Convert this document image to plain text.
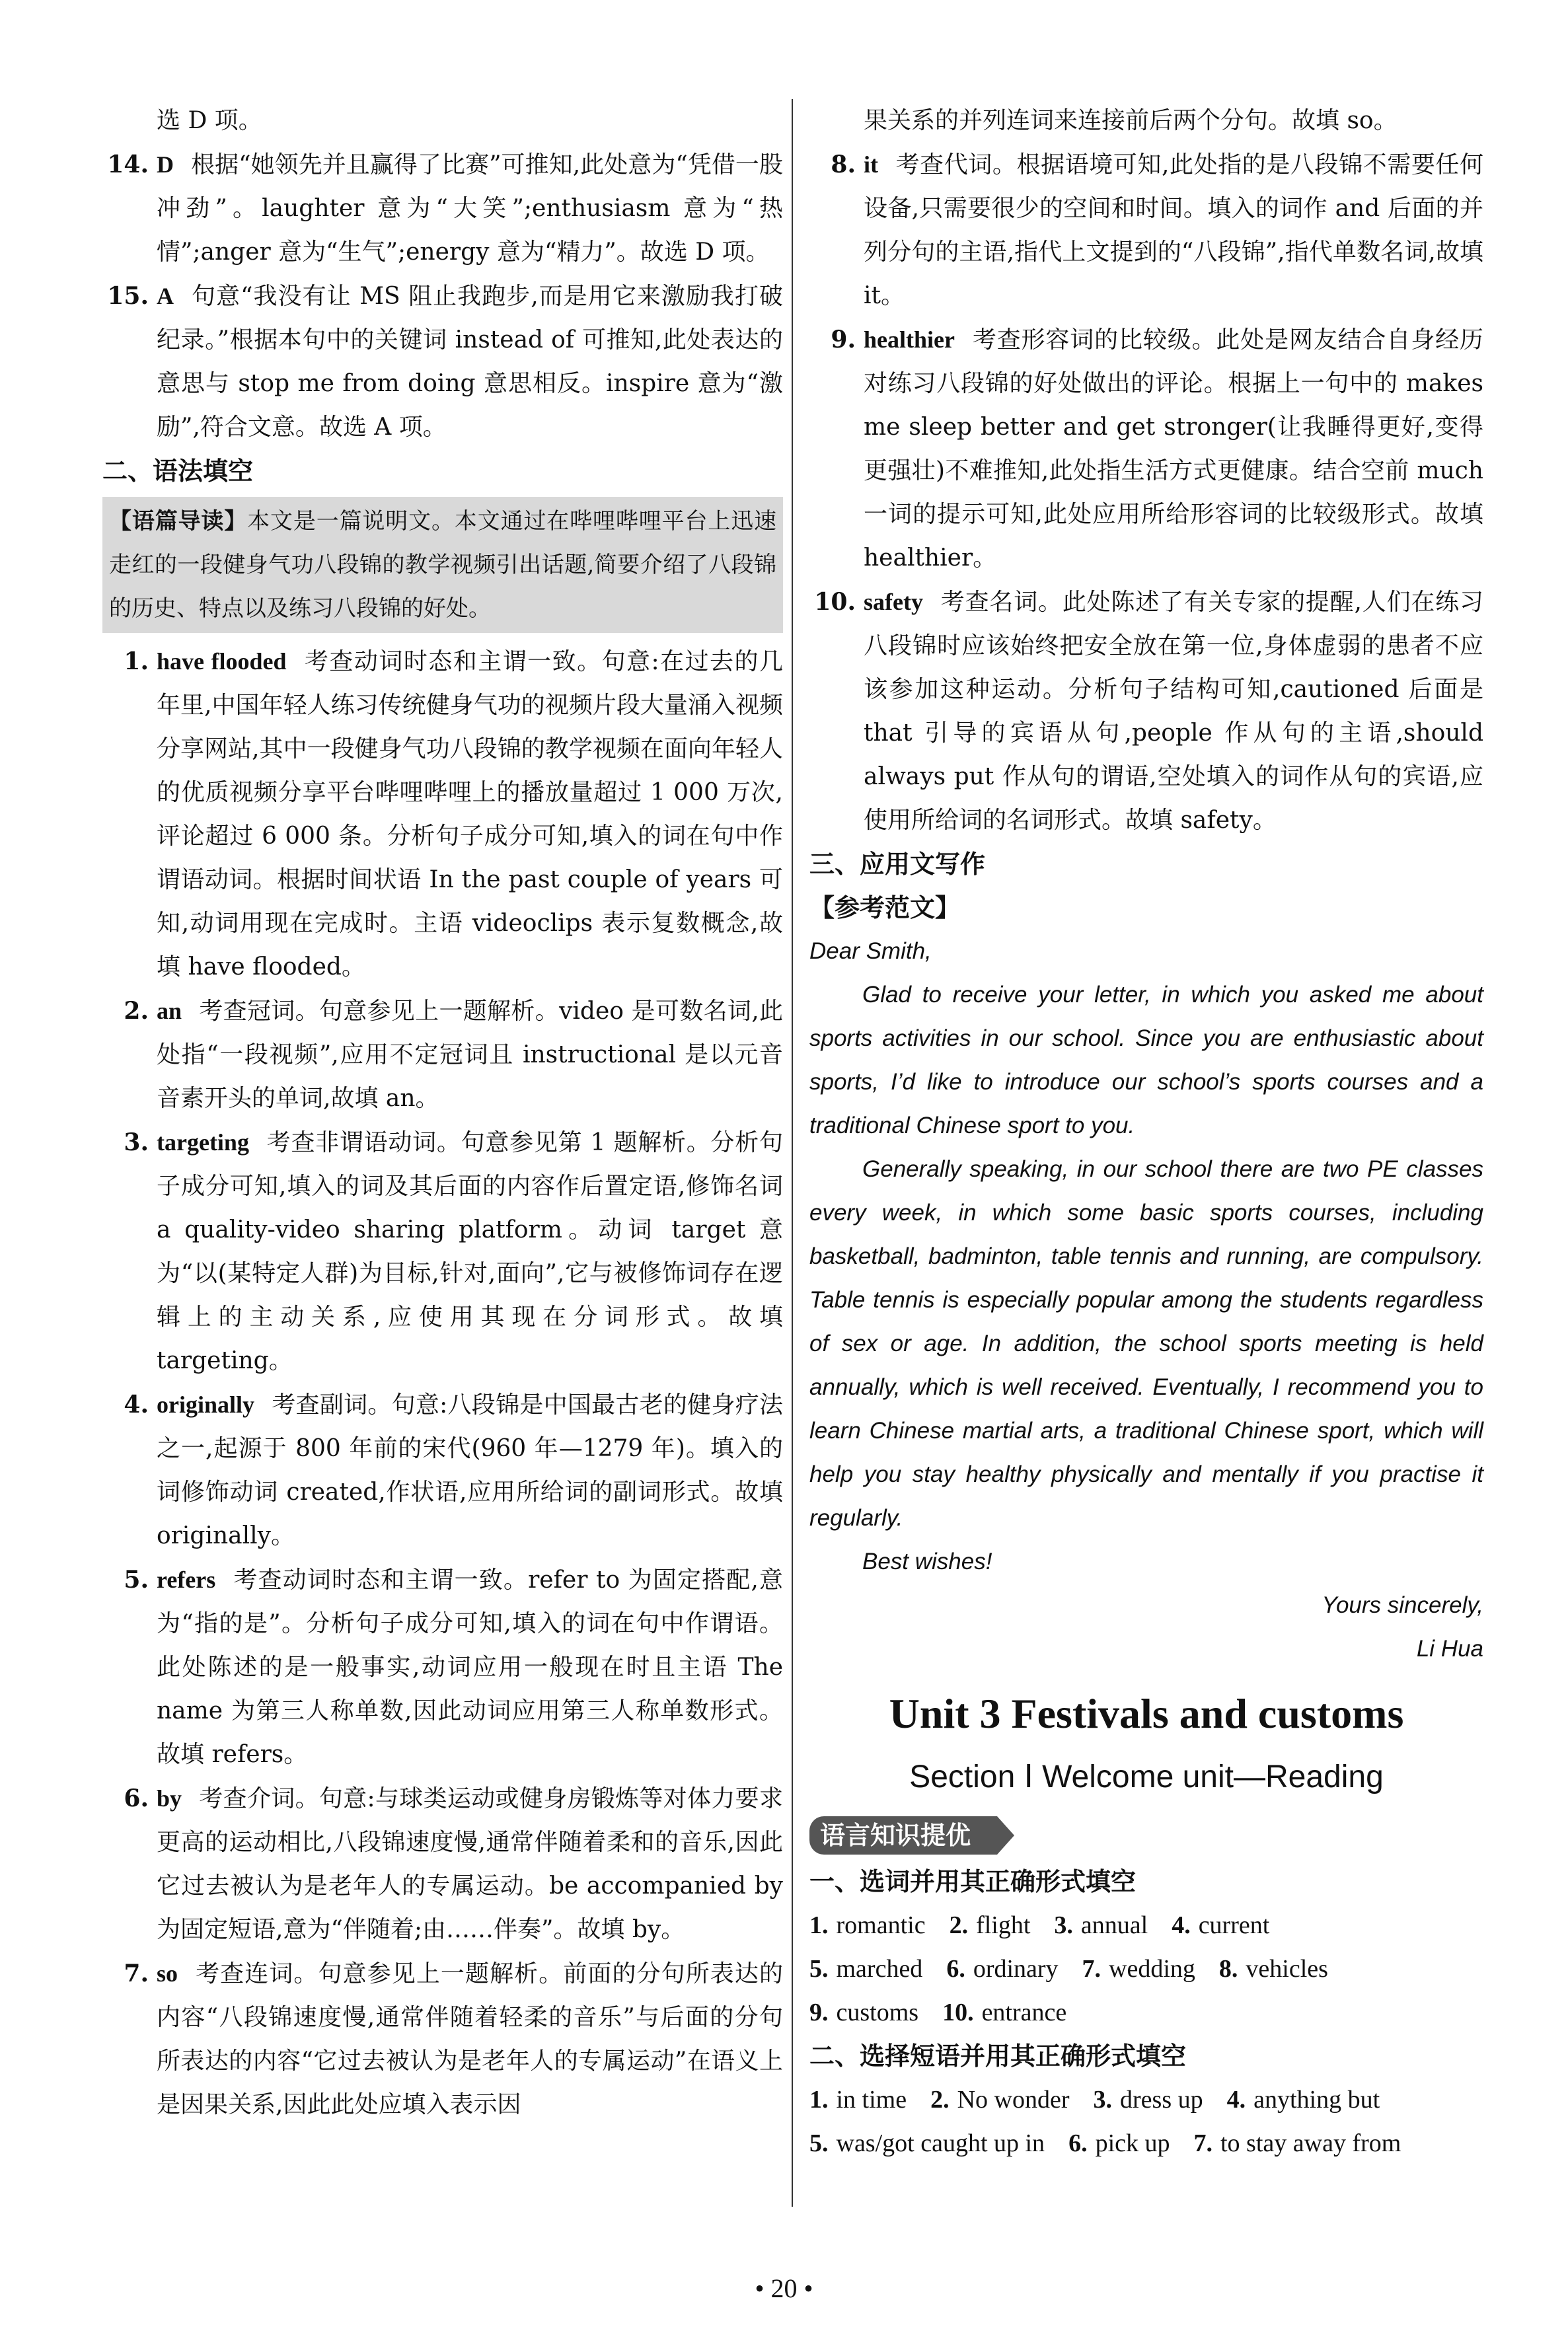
选 D 项。

14. D 根据“她领先并且赢得了比赛”可推知,此处意为“凭借一股冲劲”。laughter 意为“大笑”;enthusiasm 意为“热情”;anger 意为“生气”;energy 意为“精力”。故选 D 项。

15. A 句意“我没有让 MS 阻止我跑步,而是用它来激励我打破纪录。”根据本句中的关键词 instead of 可推知,此处表达的意思与 stop me from doing 意思相反。inspire 意为“激励”,符合文意。故选 A 项。

二、语法填空

【语篇导读】本文是一篇说明文。本文通过在哔哩哔哩平台上迅速走红的一段健身气功八段锦的教学视频引出话题,简要介绍了八段锦的历史、特点以及练习八段锦的好处。

1. have flooded 考查动词时态和主谓一致。句意:在过去的几年里,中国年轻人练习传统健身气功的视频片段大量涌入视频分享网站,其中一段健身气功八段锦的教学视频在面向年轻人的优质视频分享平台哔哩哔哩上的播放量超过 1 000 万次,评论超过 6 000 条。分析句子成分可知,填入的词在句中作谓语动词。根据时间状语 In the past couple of years 可知,动词用现在完成时。主语 videoclips 表示复数概念,故填 have flooded。

2. an 考查冠词。句意参见上一题解析。video 是可数名词,此处指“一段视频”,应用不定冠词且 instructional 是以元音音素开头的单词,故填 an。

3. targeting 考查非谓语动词。句意参见第 1 题解析。分析句子成分可知,填入的词及其后面的内容作后置定语,修饰名词 a quality-video sharing platform。动词 target 意为“以(某特定人群)为目标,针对,面向”,它与被修饰词存在逻辑上的主动关系,应使用其现在分词形式。故填 targeting。

4. originally 考查副词。句意:八段锦是中国最古老的健身疗法之一,起源于 800 年前的宋代(960 年—1279 年)。填入的词修饰动词 created,作状语,应用所给词的副词形式。故填 originally。

5. refers 考查动词时态和主谓一致。refer to 为固定搭配,意为“指的是”。分析句子成分可知,填入的词在句中作谓语。此处陈述的是一般事实,动词应用一般现在时且主语 The name 为第三人称单数,因此动词应用第三人称单数形式。故填 refers。

6. by 考查介词。句意:与球类运动或健身房锻炼等对体力要求更高的运动相比,八段锦速度慢,通常伴随着柔和的音乐,因此它过去被认为是老年人的专属运动。be accompanied by 为固定短语,意为“伴随着;由……伴奏”。故填 by。

7. so 考查连词。句意参见上一题解析。前面的分句所表达的内容“八段锦速度慢,通常伴随着轻柔的音乐”与后面的分句所表达的内容“它过去被认为是老年人的专属运动”在语义上是因果关系,因此此处应填入表示因

果关系的并列连词来连接前后两个分句。故填 so。

8. it 考查代词。根据语境可知,此处指的是八段锦不需要任何设备,只需要很少的空间和时间。填入的词作 and 后面的并列分句的主语,指代上文提到的“八段锦”,指代单数名词,故填 it。

9. healthier 考查形容词的比较级。此处是网友结合自身经历对练习八段锦的好处做出的评论。根据上一句中的 makes me sleep better and get stronger(让我睡得更好,变得更强壮)不难推知,此处指生活方式更健康。结合空前 much 一词的提示可知,此处应用所给形容词的比较级形式。故填 healthier。

10. safety 考查名词。此处陈述了有关专家的提醒,人们在练习八段锦时应该始终把安全放在第一位,身体虚弱的患者不应该参加这种运动。分析句子结构可知,cautioned 后面是 that 引导的宾语从句,people 作从句的主语,should always put 作从句的谓语,空处填入的词作从句的宾语,应使用所给词的名词形式。故填 safety。

三、应用文写作

【参考范文】

Dear Smith,

Glad to receive your letter, in which you asked me about sports activities in our school. Since you are enthusiastic about sports, I’d like to introduce our school’s sports courses and a traditional Chinese sport to you.

Generally speaking, in our school there are two PE classes every week, in which some basic sports courses, including basketball, badminton, table tennis and running, are compulsory. Table tennis is especially popular among the students regardless of sex or age. In addition, the school sports meeting is held annually, which is well received. Eventually, I recommend you to learn Chinese martial arts, a traditional Chinese sport, which will help you stay healthy physically and mentally if you practise it regularly.

Best wishes!

Yours sincerely,

Li Hua

Unit 3 Festivals and customs
Section Ⅰ Welcome unit—Reading
语言知识提优

一、选词并用其正确形式填空

1. romantic 2. flight 3. annual 4. current

5. marched 6. ordinary 7. wedding 8. vehicles

9. customs 10. entrance

二、选择短语并用其正确形式填空

1. in time 2. No wonder 3. dress up 4. anything but

5. was/got caught up in 6. pick up 7. to stay away from

• 20 •
